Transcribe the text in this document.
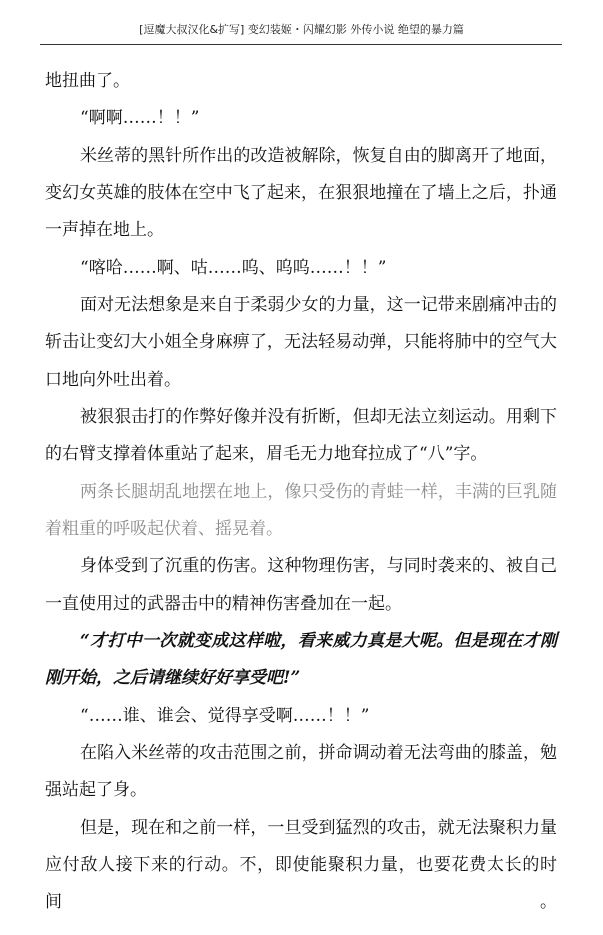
[逗魔大叔汉化&扩写] 变幻装姬・闪耀幻影 外传小说 绝望的暴力篇
地扭曲了。
“啊啊……！！”
米丝蒂的黑针所作出的改造被解除，恢复自由的脚离开了地面，
变幻女英雄的肢体在空中飞了起来，在狠狠地撞在了墙上之后，扑通
一声掉在地上。
“喀哈……啊、咕……呜、呜呜……！！”
面对无法想象是来自于柔弱少女的力量，这一记带来剧痛冲击的
斩击让变幻大小姐全身麻痹了，无法轻易动弹，只能将肺中的空气大
口地向外吐出着。
被狠狠击打的作弊好像并没有折断，但却无法立刻运动。用剩下
的右臂支撑着体重站了起来，眉毛无力地耷拉成了“八”字。
两条长腿胡乱地摆在地上，像只受伤的青蛙一样，丰满的巨乳随
着粗重的呼吸起伏着、摇晃着。
身体受到了沉重的伤害。这种物理伤害，与同时袭来的、被自己
一直使用过的武器击中的精神伤害叠加在一起。
“才打中一次就变成这样啦，看来威力真是大呢。但是现在才刚
刚开始，之后请继续好好享受吧!”
“……谁、谁会、觉得享受啊……！！”
在陷入米丝蒂的攻击范围之前，拼命调动着无法弯曲的膝盖，勉
强站起了身。
但是，现在和之前一样，一旦受到猛烈的攻击，就无法聚积力量
应付敌人接下来的行动。不，即使能聚积力量，也要花费太长的时间。
